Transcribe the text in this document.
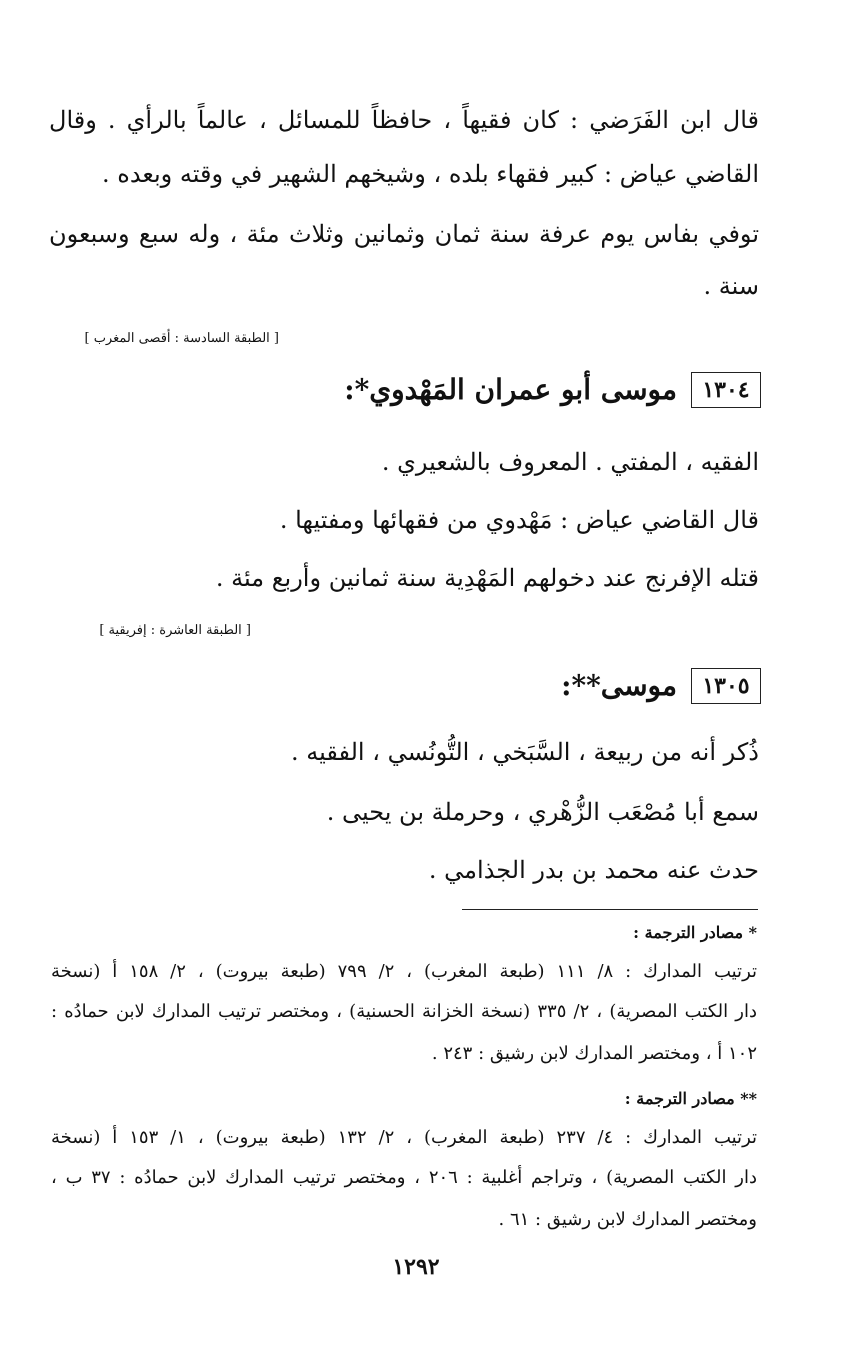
قال ابن الفَرَضي : كان فقيهاً ، حافظاً للمسائل ، عالماً بالرأي . وقال
القاضي عياض : كبير فقهاء بلده ، وشيخهم الشهير في وقته وبعده .
توفي بفاس يوم عرفة سنة ثمان وثمانين وثلاث مئة ، وله سبع وسبعون
سنة .
[ الطبقة السادسة : أقصى المغرب ]
١٣٠٤
موسى أبو عمران المَهْدوي*:
الفقيه ، المفتي . المعروف بالشعيري .
قال القاضي عياض : مَهْدوي من فقهائها ومفتيها .
قتله الإفرنج عند دخولهم المَهْدِية سنة ثمانين وأربع مئة .
[ الطبقة العاشرة : إفريقية ]
١٣٠٥
موسى**:
ذُكر أنه من ربيعة ، السَّبَخي ، التُّونُسي ، الفقيه .
سمع أبا مُصْعَب الزُّهْري ، وحرملة بن يحيى .
حدث عنه محمد بن بدر الجذامي .
* مصادر الترجمة :
ترتيب المدارك : ٨/ ١١١ (طبعة المغرب) ، ٢/ ٧٩٩ (طبعة بيروت) ، ٢/ ١٥٨ أ (نسخة
دار الكتب المصرية) ، ٢/ ٣٣٥ (نسخة الخزانة الحسنية) ، ومختصر ترتيب المدارك لابن حمادُه :
١٠٢ أ ، ومختصر المدارك لابن رشيق : ٢٤٣ .
** مصادر الترجمة :
ترتيب المدارك : ٤/ ٢٣٧ (طبعة المغرب) ، ٢/ ١٣٢ (طبعة بيروت) ، ١/ ١٥٣ أ (نسخة
دار الكتب المصرية) ، وتراجم أغلبية : ٢٠٦ ، ومختصر ترتيب المدارك لابن حمادُه : ٣٧ ب ،
ومختصر المدارك لابن رشيق : ٦١ .
١٢٩٢
